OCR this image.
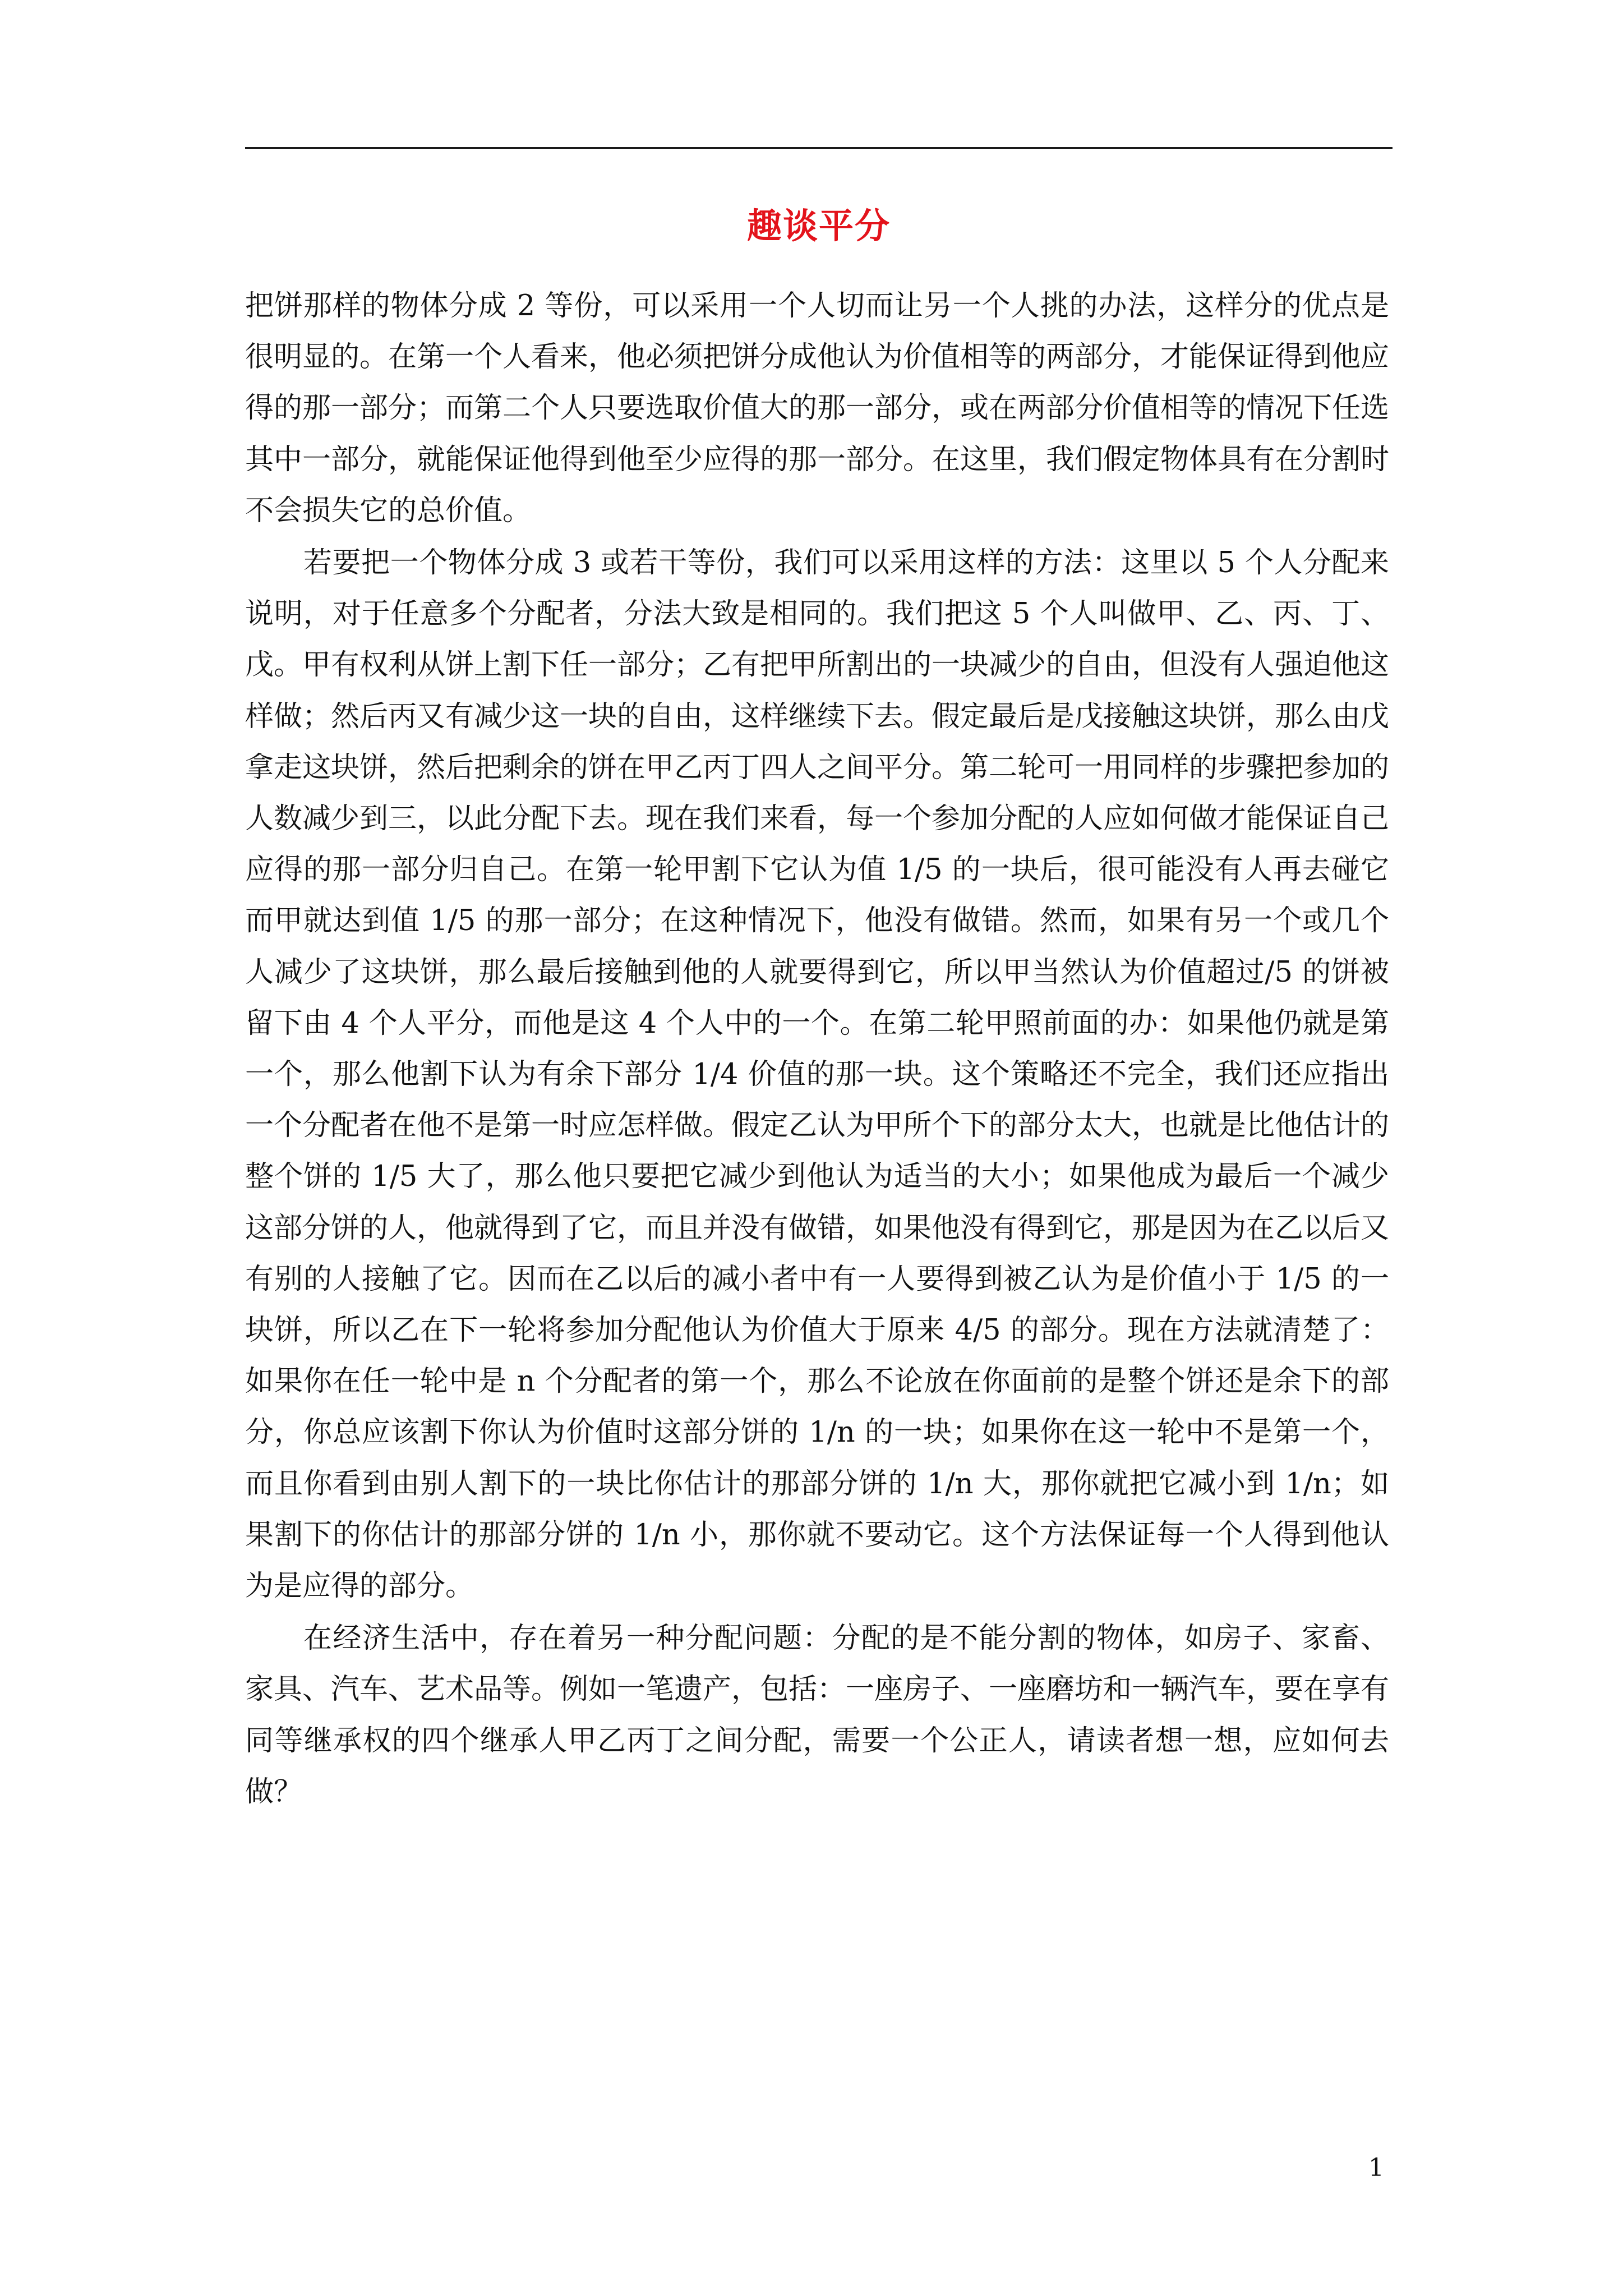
趣谈平分

把饼那样的物体分成 2 等份，可以采用一个人切而让另一个人挑的办法，这样分的优点是很明显的。在第一个人看来，他必须把饼分成他认为价值相等的两部分，才能保证得到他应得的那一部分；而第二个人只要选取价值大的那一部分，或在两部分价值相等的情况下任选其中一部分，就能保证他得到他至少应得的那一部分。在这里，我们假定物体具有在分割时不会损失它的总价值。

若要把一个物体分成 3 或若干等份，我们可以采用这样的方法：这里以 5 个人分配来说明，对于任意多个分配者，分法大致是相同的。我们把这 5 个人叫做甲、乙、丙、丁、戊。甲有权利从饼上割下任一部分；乙有把甲所割出的一块减少的自由，但没有人强迫他这样做；然后丙又有减少这一块的自由，这样继续下去。假定最后是戊接触这块饼，那么由戊拿走这块饼，然后把剩余的饼在甲乙丙丁四人之间平分。第二轮可一用同样的步骤把参加的人数减少到三，以此分配下去。现在我们来看，每一个参加分配的人应如何做才能保证自己应得的那一部分归自己。在第一轮甲割下它认为值 1/5 的一块后，很可能没有人再去碰它而甲就达到值 1/5 的那一部分；在这种情况下，他没有做错。然而，如果有另一个或几个人减少了这块饼，那么最后接触到他的人就要得到它，所以甲当然认为价值超过/5 的饼被留下由 4 个人平分，而他是这 4 个人中的一个。在第二轮甲照前面的办：如果他仍就是第一个，那么他割下认为有余下部分 1/4 价值的那一块。这个策略还不完全，我们还应指出一个分配者在他不是第一时应怎样做。假定乙认为甲所个下的部分太大，也就是比他估计的整个饼的 1/5 大了，那么他只要把它减少到他认为适当的大小；如果他成为最后一个减少这部分饼的人，他就得到了它，而且并没有做错，如果他没有得到它，那是因为在乙以后又有别的人接触了它。因而在乙以后的减小者中有一人要得到被乙认为是价值小于 1/5 的一块饼，所以乙在下一轮将参加分配他认为价值大于原来 4/5 的部分。现在方法就清楚了：如果你在任一轮中是 n 个分配者的第一个，那么不论放在你面前的是整个饼还是余下的部分，你总应该割下你认为价值时这部分饼的 1/n 的一块；如果你在这一轮中不是第一个，而且你看到由别人割下的一块比你估计的那部分饼的 1/n 大，那你就把它减小到 1/n；如果割下的你估计的那部分饼的 1/n 小，那你就不要动它。这个方法保证每一个人得到他认为是应得的部分。

在经济生活中，存在着另一种分配问题：分配的是不能分割的物体，如房子、家畜、家具、汽车、艺术品等。例如一笔遗产，包括：一座房子、一座磨坊和一辆汽车，要在享有同等继承权的四个继承人甲乙丙丁之间分配，需要一个公正人，请读者想一想，应如何去做？

1
